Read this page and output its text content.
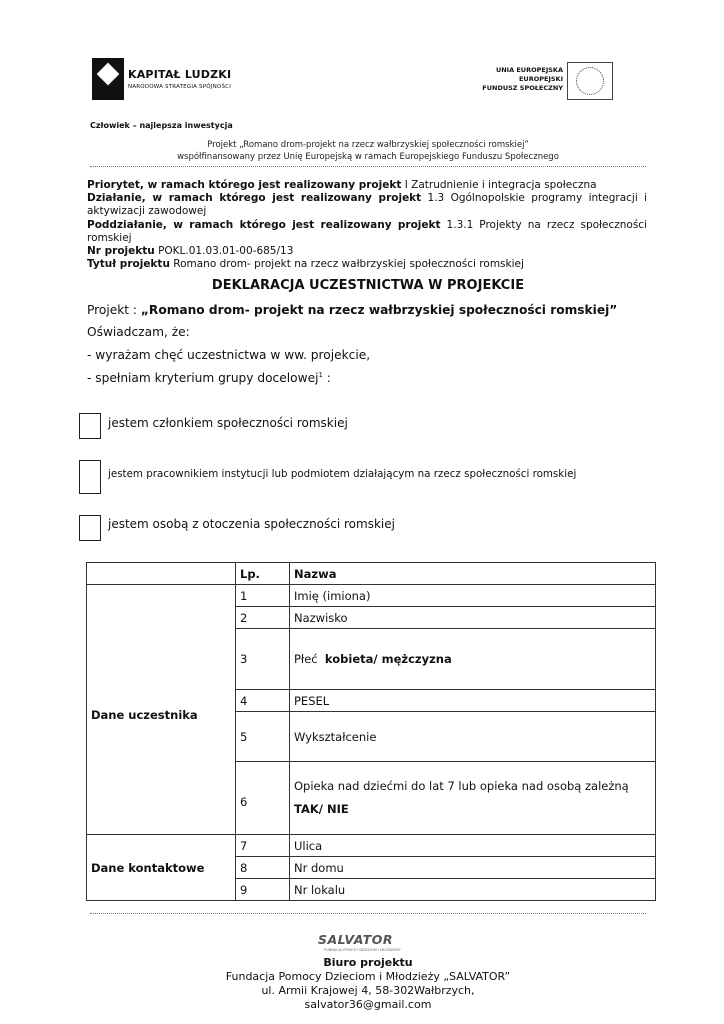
KAPITAŁ LUDZKI
NARODOWA STRATEGIA SPÓJNOŚCI
UNIA EUROPEJSKA
EUROPEJSKI
FUNDUSZ SPOŁECZNY
Człowiek – najlepsza inwestycja
Projekt „Romano drom-projekt na rzecz wałbrzyskiej społeczności romskiej”
współfinansowany przez Unię Europejską w ramach Europejskiego Funduszu Społecznego
Priorytet, w ramach którego jest realizowany projekt I Zatrudnienie i integracja społeczna
Działanie, w ramach którego jest realizowany projekt 1.3 Ogólnopolskie programy integracji i aktywizacji zawodowej
Poddziałanie, w ramach którego jest realizowany projekt 1.3.1 Projekty na rzecz społeczności romskiej
Nr projektu POKL.01.03.01-00-685/13
Tytuł projektu Romano drom- projekt na rzecz wałbrzyskiej społeczności romskiej
DEKLARACJA UCZESTNICTWA W PROJEKCIE
Projekt : „Romano drom- projekt na rzecz wałbrzyskiej społeczności romskiej”
Oświadczam, że:
- wyrażam chęć uczestnictwa w ww. projekcie,
- spełniam kryterium grupy docelowej$^1$ :
jestem członkiem społeczności romskiej
jestem pracownikiem instytucji lub podmiotem działającym na rzecz społeczności romskiej
jestem osobą z otoczenia społeczności romskiej
	Lp.	Nazwa
Dane uczestnika	1	Imię (imiona)
	2	Nazwisko
	3	Płeć kobieta/ mężczyzna
	4	PESEL
	5	Wykształcenie
	6	Opieka nad dziećmi do lat 7 lub opieka nad osobą zależną
TAK/ NIE

Dane kontaktowe	7	Ulica
	8	Nr domu
	9	Nr lokalu
SALVATOR
FUNDACJA POMOCY DZIECIOM I MŁODZIEŻY
Biuro projektu
Fundacja Pomocy Dzieciom i Młodzieży „SALVATOR”
ul. Armii Krajowej 4, 58-302Wałbrzych,
salvator36@gmail.com
